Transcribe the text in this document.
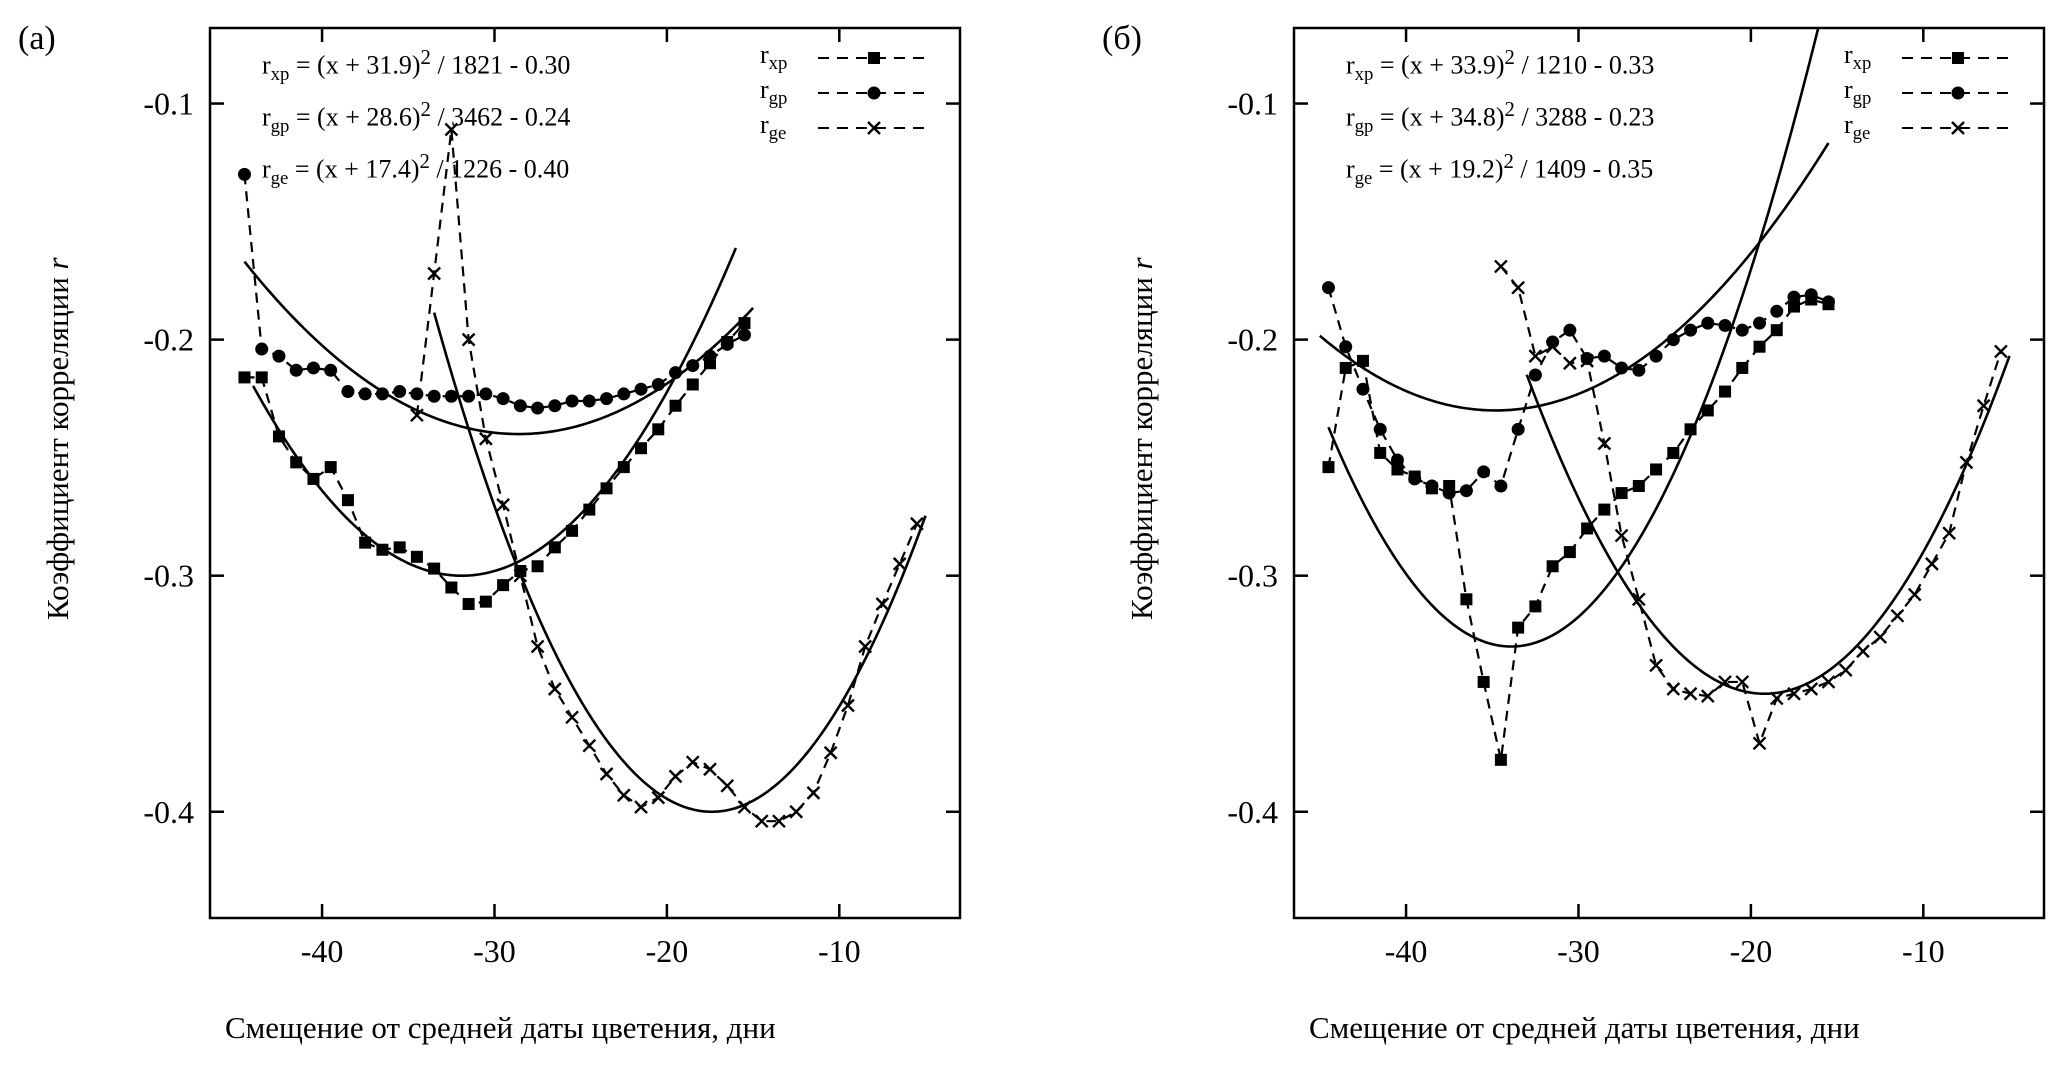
(а)
-40	-30	-20	-10
-0.1
-0.2
-0.3
-0.4
Коэффициент корреляции r
Смещение от средней даты цветения, дни
$r_{xp} = (x + 31.9)^2 / 1821 - 0.30$
$r_{gp} = (x + 28.6)^2 / 3462 - 0.24$
$r_{ge} = (x + 17.4)^2 / 1226 - 0.40$
$r_{xp}$
$r_{gp}$
$r_{ge}$
(б)
-40	-30	-20	-10
-0.1
-0.2
-0.3
-0.4
Коэффициент корреляции r
Смещение от средней даты цветения, дни
$r_{xp} = (x + 33.9)^2 / 1210 - 0.33$
$r_{gp} = (x + 34.8)^2 / 3288 - 0.23$
$r_{ge} = (x + 19.2)^2 / 1409 - 0.35$
$r_{xp}$
$r_{gp}$
$r_{ge}$
